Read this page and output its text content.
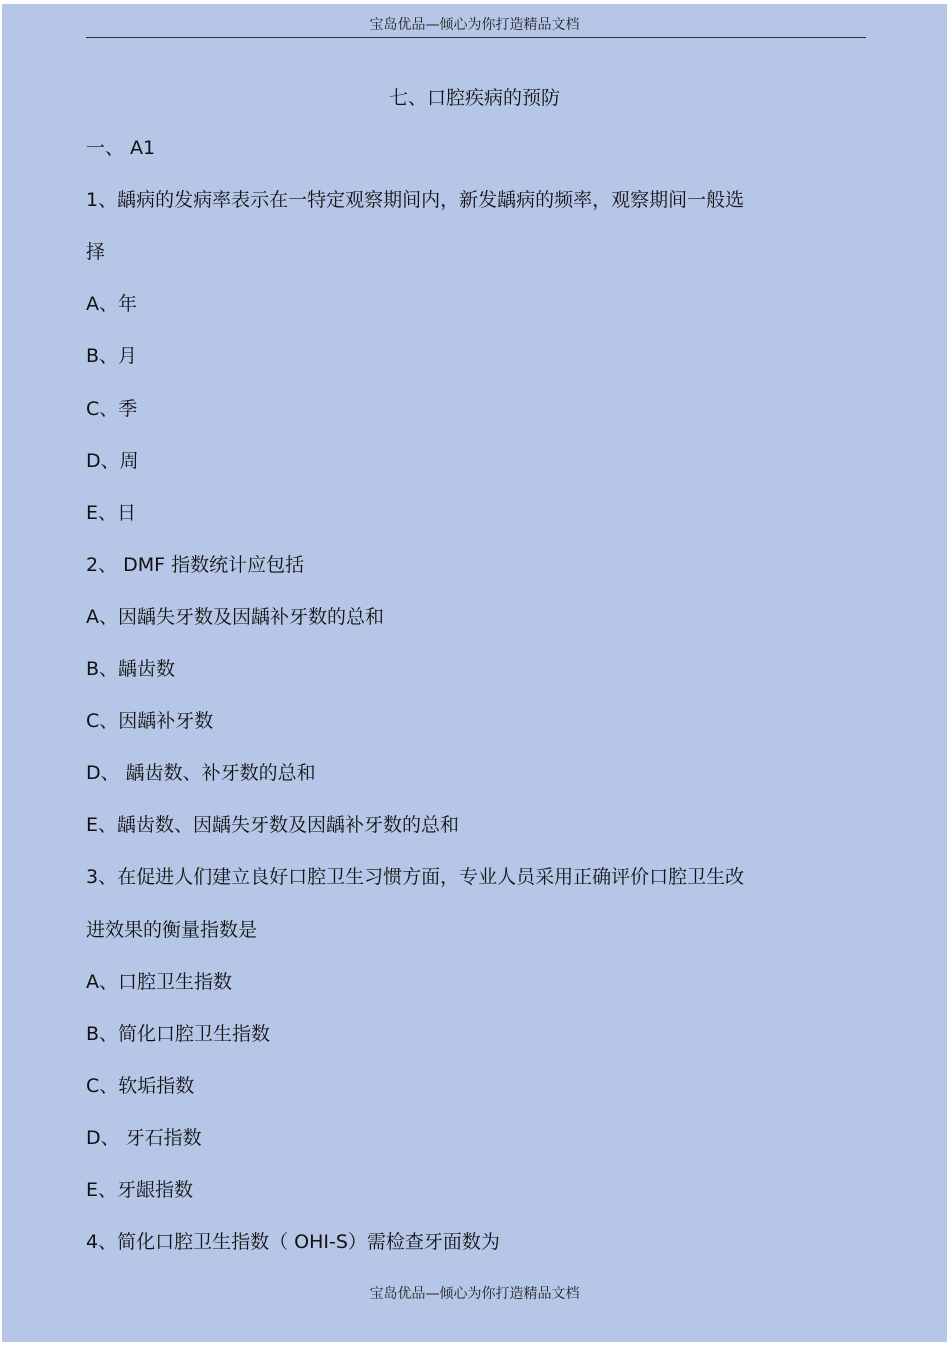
宝岛优品—倾心为你打造精品文档
七、口腔疾病的预防
一、 A1
1、龋病的发病率表示在一特定观察期间内，新发龋病的频率，观察期间一般选
择
A、年
B、月
C、季
D、周
E、日
2、 DMF 指数统计应包括
A、因龋失牙数及因龋补牙数的总和
B、龋齿数
C、因龋补牙数
D、 龋齿数、补牙数的总和
E、龋齿数、因龋失牙数及因龋补牙数的总和
3、在促进人们建立良好口腔卫生习惯方面，专业人员采用正确评价口腔卫生改
进效果的衡量指数是
A、口腔卫生指数
B、简化口腔卫生指数
C、软垢指数
D、 牙石指数
E、牙龈指数
4、简化口腔卫生指数（ OHI-S）需检查牙面数为
宝岛优品—倾心为你打造精品文档
